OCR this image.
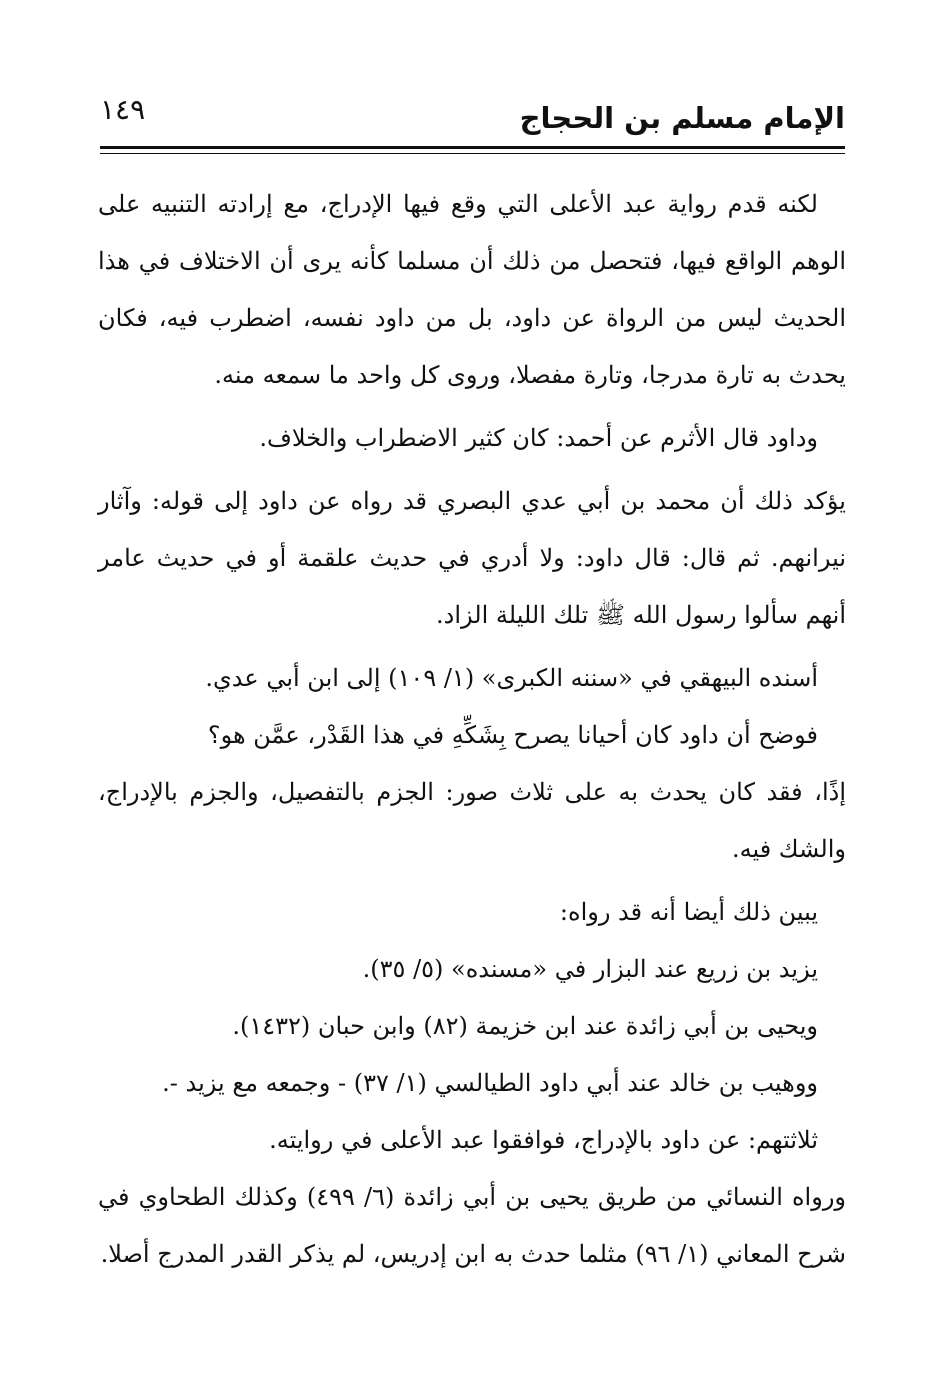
الإمام مسلم بن الحجاج
١٤٩

لكنه قدم رواية عبد الأعلى التي وقع فيها الإدراج، مع إرادته التنبيه على الوهم الواقع فيها، فتحصل من ذلك أن مسلما كأنه يرى أن الاختلاف في هذا الحديث ليس من الرواة عن داود، بل من داود نفسه، اضطرب فيه، فكان يحدث به تارة مدرجا، وتارة مفصلا، وروى كل واحد ما سمعه منه.

وداود قال الأثرم عن أحمد: كان كثير الاضطراب والخلاف.

يؤكد ذلك أن محمد بن أبي عدي البصري قد رواه عن داود إلى قوله: وآثار نيرانهم. ثم قال: قال داود: ولا أدري في حديث علقمة أو في حديث عامر أنهم سألوا رسول الله ﷺ تلك الليلة الزاد.

أسنده البيهقي في «سننه الكبرى» (١/ ١٠٩) إلى ابن أبي عدي.

فوضح أن داود كان أحيانا يصرح بِشَكِّهِ في هذا القَدْر، عمَّن هو؟

إذًا، فقد كان يحدث به على ثلاث صور: الجزم بالتفصيل، والجزم بالإدراج، والشك فيه.

يبين ذلك أيضا أنه قد رواه:

يزيد بن زريع عند البزار في «مسنده» (٥/ ٣٥).

ويحيى بن أبي زائدة عند ابن خزيمة (٨٢) وابن حبان (١٤٣٢).

ووهيب بن خالد عند أبي داود الطيالسي (١/ ٣٧) - وجمعه مع يزيد -.

ثلاثتهم: عن داود بالإدراج، فوافقوا عبد الأعلى في روايته.

ورواه النسائي من طريق يحيى بن أبي زائدة (٦/ ٤٩٩) وكذلك الطحاوي في شرح المعاني (١/ ٩٦) مثلما حدث به ابن إدريس، لم يذكر القدر المدرج أصلا.
